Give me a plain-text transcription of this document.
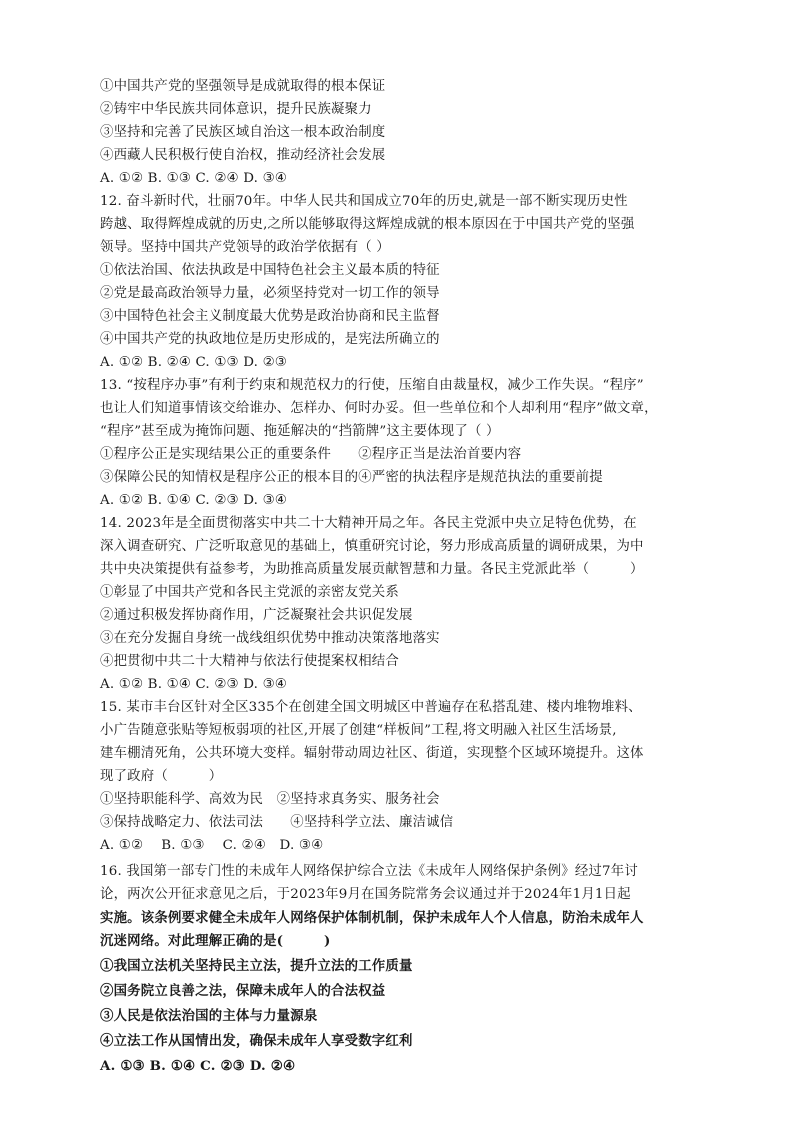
①中国共产党的坚强领导是成就取得的根本保证
②铸牢中华民族共同体意识，提升民族凝聚力
③坚持和完善了民族区域自治这一根本政治制度
④西藏人民积极行使自治权，推动经济社会发展
A. ①② B. ①③ C. ②④ D. ③④
12. 奋斗新时代，壮丽70年。中华人民共和国成立70年的历史,就是一部不断实现历史性
跨越、取得辉煌成就的历史,之所以能够取得这辉煌成就的根本原因在于中国共产党的坚强
领导。坚持中国共产党领导的政治学依据有（ ）
①依法治国、依法执政是中国特色社会主义最本质的特征
②党是最高政治领导力量，必须坚持党对一切工作的领导
③中国特色社会主义制度最大优势是政治协商和民主监督
④中国共产党的执政地位是历史形成的，是宪法所确立的
A. ①② B. ②④ C. ①③ D. ②③
13. “按程序办事”有利于约束和规范权力的行使，压缩自由裁量权，减少工作失误。“程序”
也让人们知道事情该交给谁办、怎样办、何时办妥。但一些单位和个人却利用“程序”做文章，
“程序”甚至成为掩饰问题、拖延解决的“挡箭牌”这主要体现了（ ）
①程序公正是实现结果公正的重要条件　　②程序正当是法治首要内容
③保障公民的知情权是程序公正的根本目的④严密的执法程序是规范执法的重要前提
A. ①② B. ①④ C. ②③ D. ③④
14. 2023年是全面贯彻落实中共二十大精神开局之年。各民主党派中央立足特色优势，在
深入调查研究、广泛听取意见的基础上，慎重研究讨论，努力形成高质量的调研成果，为中
共中央决策提供有益参考，为助推高质量发展贡献智慧和力量。各民主党派此举（　　　）
①彰显了中国共产党和各民主党派的亲密友党关系
②通过积极发挥协商作用，广泛凝聚社会共识促发展
③在充分发掘自身统一战线组织优势中推动决策落地落实
④把贯彻中共二十大精神与依法行使提案权相结合
A. ①② B. ①④ C. ②③ D. ③④
15. 某市丰台区针对全区335个在创建全国文明城区中普遍存在私搭乱建、楼内堆物堆料、
小广告随意张贴等短板弱项的社区,开展了创建“样板间”工程,将文明融入社区生活场景,
建车棚清死角，公共环境大变样。辐射带动周边社区、街道，实现整个区域环境提升。这体
现了政府（　　　）
①坚持职能科学、高效为民　②坚持求真务实、服务社会
③保持战略定力、依法司法　　④坚持科学立法、廉洁诚信
A. ①②　 B. ①③　 C. ②④　D. ③④
16. 我国第一部专门性的未成年人网络保护综合立法《未成年人网络保护条例》经过7年讨
论，两次公开征求意见之后，于2023年9月在国务院常务会议通过并于2024年1月1日起
实施。该条例要求健全未成年人网络保护体制机制，保护未成年人个人信息，防治未成年人
沉迷网络。对此理解正确的是(　　　)
①我国立法机关坚持民主立法，提升立法的工作质量
②国务院立良善之法，保障未成年人的合法权益
③人民是依法治国的主体与力量源泉
④立法工作从国情出发，确保未成年人享受数字红利
A. ①③ B. ①④ C. ②③ D. ②④
